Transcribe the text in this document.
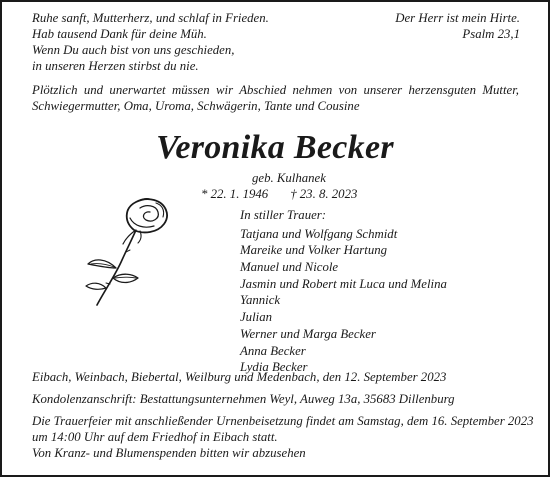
Ruhe sanft, Mutterherz, und schlaf in Frieden.
Hab tausend Dank für deine Müh.
Wenn Du auch bist von uns geschieden,
in unseren Herzen stirbst du nie.
Der Herr ist mein Hirte.
Psalm 23,1
Plötzlich und unerwartet müssen wir Abschied nehmen von unserer herzensguten Mutter, Schwiegermutter, Oma, Uroma, Schwägerin, Tante und Cousine
Veronika Becker
geb. Kulhanek
* 22. 1. 1946 † 23. 8. 2023
In stiller Trauer:
Tatjana und Wolfgang Schmidt
Mareike und Volker Hartung
Manuel und Nicole
Jasmin und Robert mit Luca und Melina
Yannick
Julian
Werner und Marga Becker
Anna Becker
Lydia Becker
Eibach, Weinbach, Biebertal, Weilburg und Medenbach, den 12. September 2023
Kondolenzanschrift: Bestattungsunternehmen Weyl, Auweg 13a, 35683 Dillenburg
Die Trauerfeier mit anschließender Urnenbeisetzung findet am Samstag, dem 16. September 2023
um 14:00 Uhr auf dem Friedhof in Eibach statt.
Von Kranz- und Blumenspenden bitten wir abzusehen
